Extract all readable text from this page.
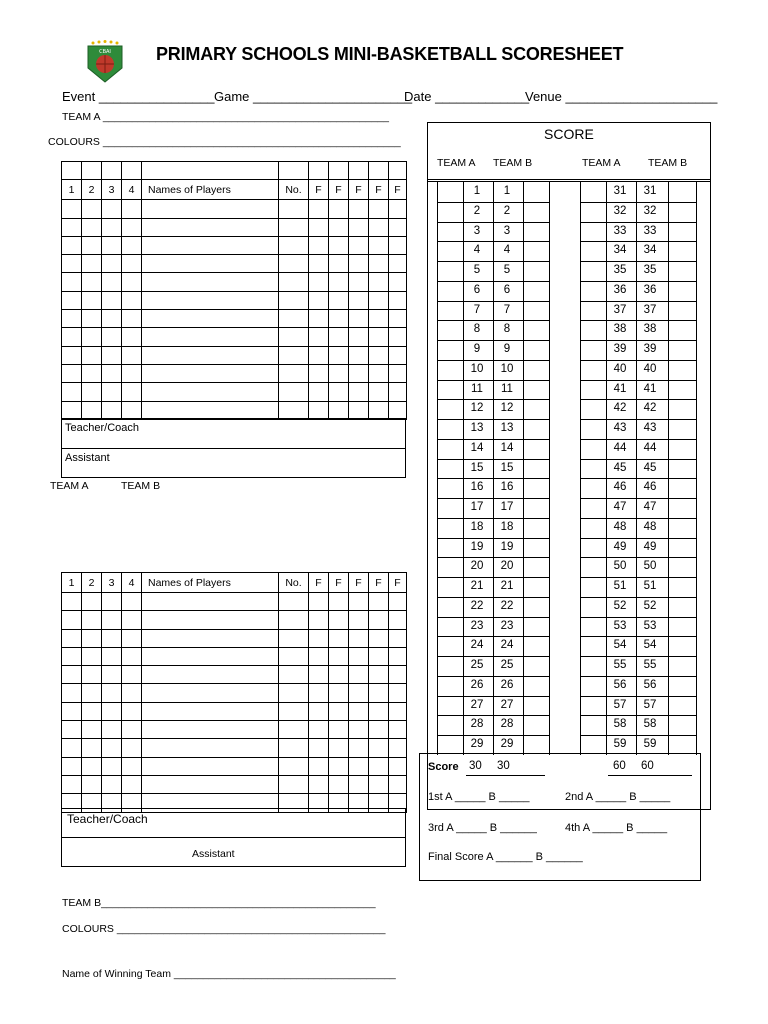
CBAI	PRIMARY SCHOOLS MINI-BASKETBALL SCORESHEET
Event ________________ Game ______________________
Date _____________
Venue _____________________
TEAM A _________________________________________________
COLOURS ___________________________________________________

1	2	3	4	Names of Players	No.	F	F	F	F	F

Teacher/Coach
Assistant
TEAM A	TEAM B
1	2	3	4	Names of Players	No.	F	F	F	F	F

Teacher/Coach
Assistant
SCORE
TEAM A TEAM B	TEAM A	TEAM B
1	1	31	31
2	2	32	32
3	3	33	33
4	4	34	34
5	5	35	35
6	6	36	36
7	7	37	37
8	8	38	38
9	9	39	39
10	10	40	40
11	11	41	41
12	12	42	42
13	13	43	43
14	14	44	44
15	15	45	45
16	16	46	46
17	17	47	47
18	18	48	48
19	19	49	49
20	20	50	50
21	21	51	51
22	22	52	52
23	23	53	53
24	24	54	54
25	25	55	55
26	26	56	56
27	27	57	57
28	28	58	58
29	29	59	59
Score 30 30	60 60
1st A _____ B _____	2nd A _____ B _____
3rd A _____ B ______	4th A _____ B _____
Final Score A ______ B ______
TEAM B_______________________________________________
COLOURS ______________________________________________
Name of Winning Team ______________________________________
